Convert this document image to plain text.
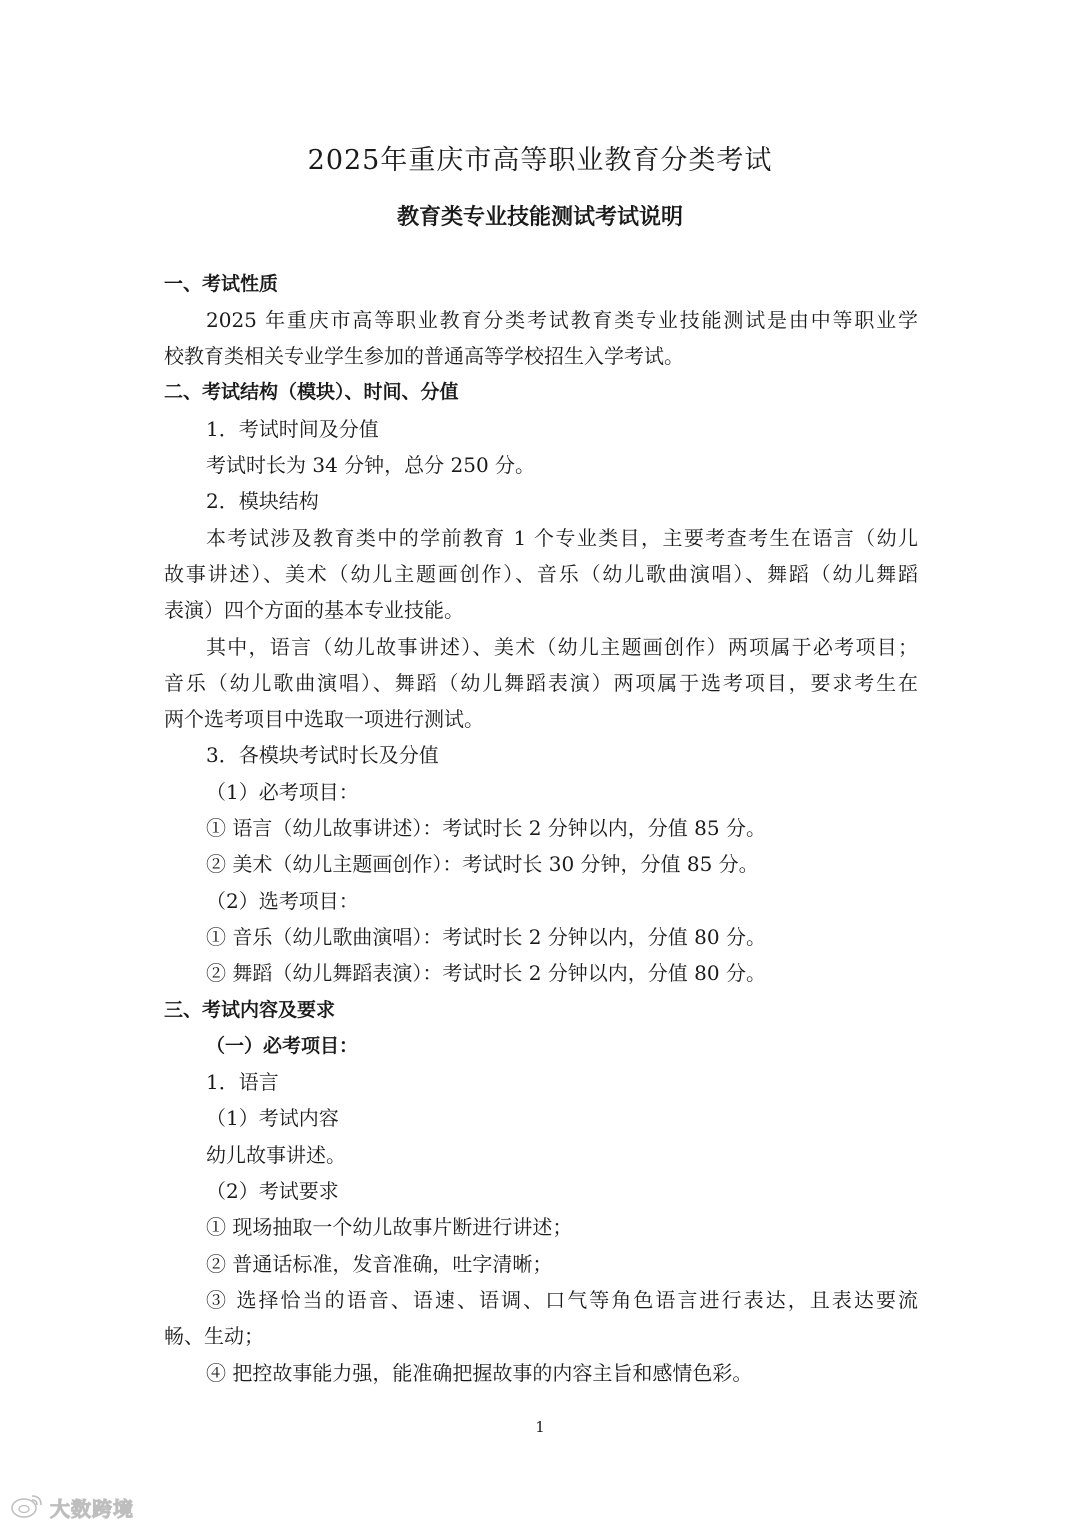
2025年重庆市高等职业教育分类考试
教育类专业技能测试考试说明
一、考试性质
2025 年重庆市高等职业教育分类考试教育类专业技能测试是由中等职业学
校教育类相关专业学生参加的普通高等学校招生入学考试。
二、考试结构（模块）、时间、分值
1．考试时间及分值
考试时长为 34 分钟，总分 250 分。
2．模块结构
本考试涉及教育类中的学前教育 1 个专业类目，主要考查考生在语言（幼儿
故事讲述）、美术（幼儿主题画创作）、音乐（幼儿歌曲演唱）、舞蹈（幼儿舞蹈
表演）四个方面的基本专业技能。
其中，语言（幼儿故事讲述）、美术（幼儿主题画创作）两项属于必考项目；
音乐（幼儿歌曲演唱）、舞蹈（幼儿舞蹈表演）两项属于选考项目，要求考生在
两个选考项目中选取一项进行测试。
3．各模块考试时长及分值
（1）必考项目：
① 语言（幼儿故事讲述）：考试时长 2 分钟以内，分值 85 分。
② 美术（幼儿主题画创作）：考试时长 30 分钟，分值 85 分。
（2）选考项目：
① 音乐（幼儿歌曲演唱）：考试时长 2 分钟以内，分值 80 分。
② 舞蹈（幼儿舞蹈表演）：考试时长 2 分钟以内，分值 80 分。
三、考试内容及要求
（一）必考项目：
1．语言
（1）考试内容
幼儿故事讲述。
（2）考试要求
① 现场抽取一个幼儿故事片断进行讲述；
② 普通话标准，发音准确，吐字清晰；
③ 选择恰当的语音、语速、语调、口气等角色语言进行表达，且表达要流
畅、生动；
④ 把控故事能力强，能准确把握故事的内容主旨和感情色彩。
1
大数跨境
